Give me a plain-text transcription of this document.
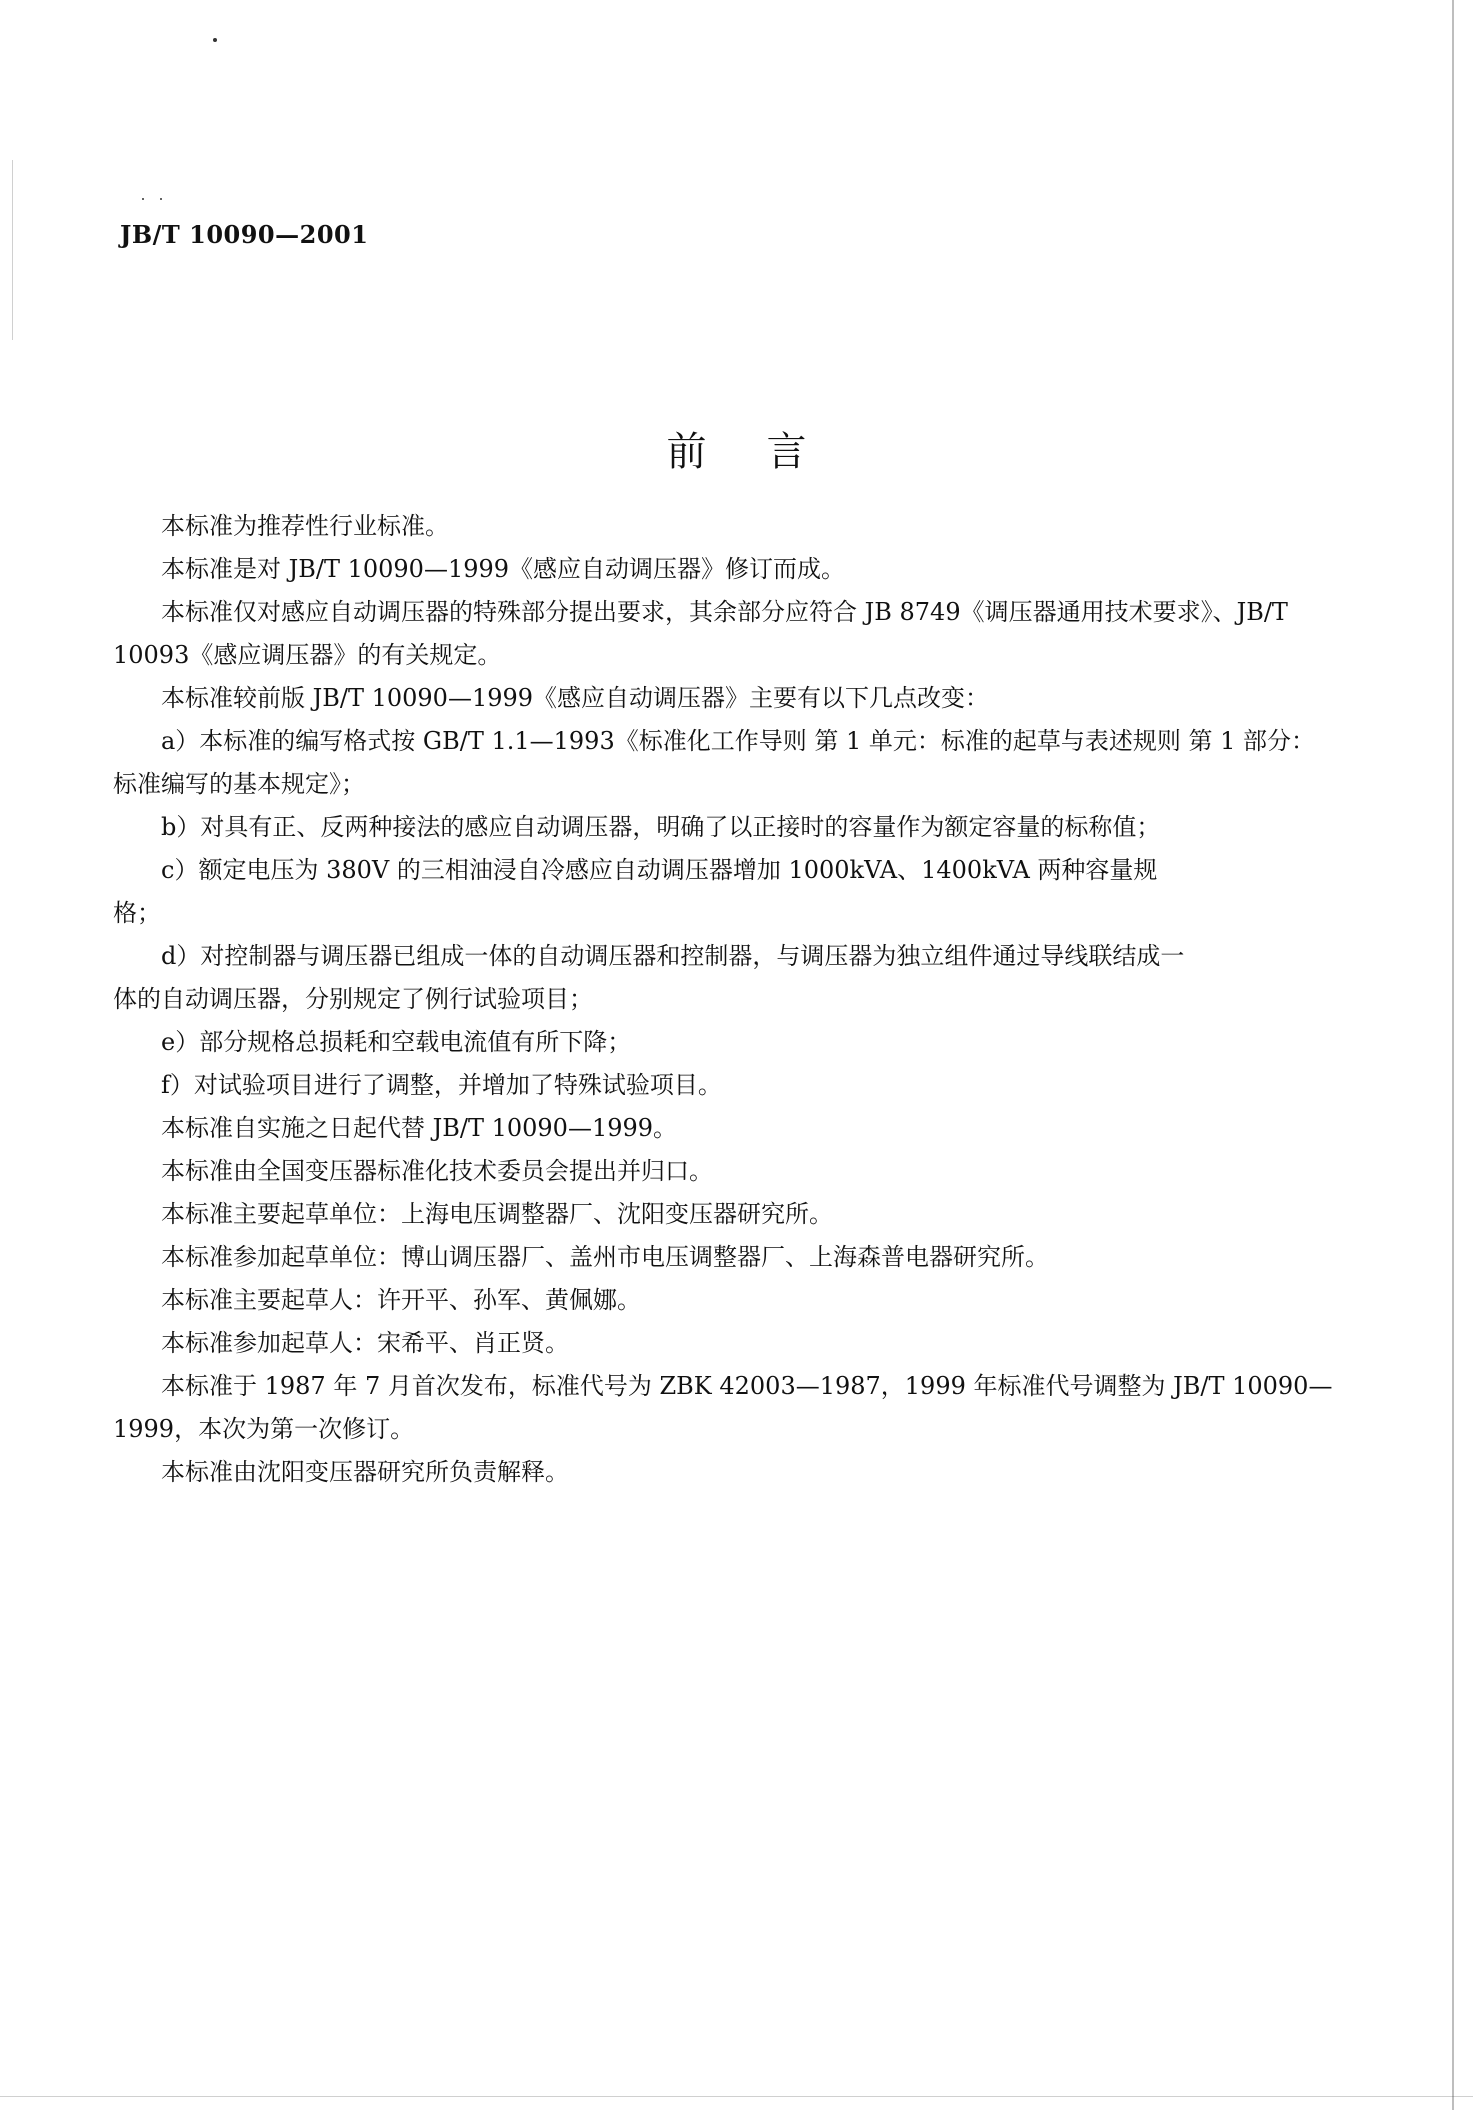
JB/T 10090—2001
前言

本标准为推荐性行业标准。

本标准是对 JB/T 10090—1999《感应自动调压器》修订而成。

本标准仅对感应自动调压器的特殊部分提出要求，其余部分应符合 JB 8749《调压器通用技术要求》、JB/T 10093《感应调压器》的有关规定。

本标准较前版 JB/T 10090—1999《感应自动调压器》主要有以下几点改变：

a）本标准的编写格式按 GB/T 1.1—1993《标准化工作导则 第 1 单元：标准的起草与表述规则 第 1 部分：标准编写的基本规定》；

b）对具有正、反两种接法的感应自动调压器，明确了以正接时的容量作为额定容量的标称值；

c）额定电压为 380V 的三相油浸自冷感应自动调压器增加 1000kVA、1400kVA 两种容量规格；

d）对控制器与调压器已组成一体的自动调压器和控制器，与调压器为独立组件通过导线联结成一体的自动调压器，分别规定了例行试验项目；

e）部分规格总损耗和空载电流值有所下降；

f）对试验项目进行了调整，并增加了特殊试验项目。

本标准自实施之日起代替 JB/T 10090—1999。

本标准由全国变压器标准化技术委员会提出并归口。

本标准主要起草单位：上海电压调整器厂、沈阳变压器研究所。

本标准参加起草单位：博山调压器厂、盖州市电压调整器厂、上海森普电器研究所。

本标准主要起草人：许开平、孙军、黄佩娜。

本标准参加起草人：宋希平、肖正贤。

本标准于 1987 年 7 月首次发布，标准代号为 ZBK 42003—1987，1999 年标准代号调整为 JB/T 10090—1999，本次为第一次修订。

本标准由沈阳变压器研究所负责解释。
